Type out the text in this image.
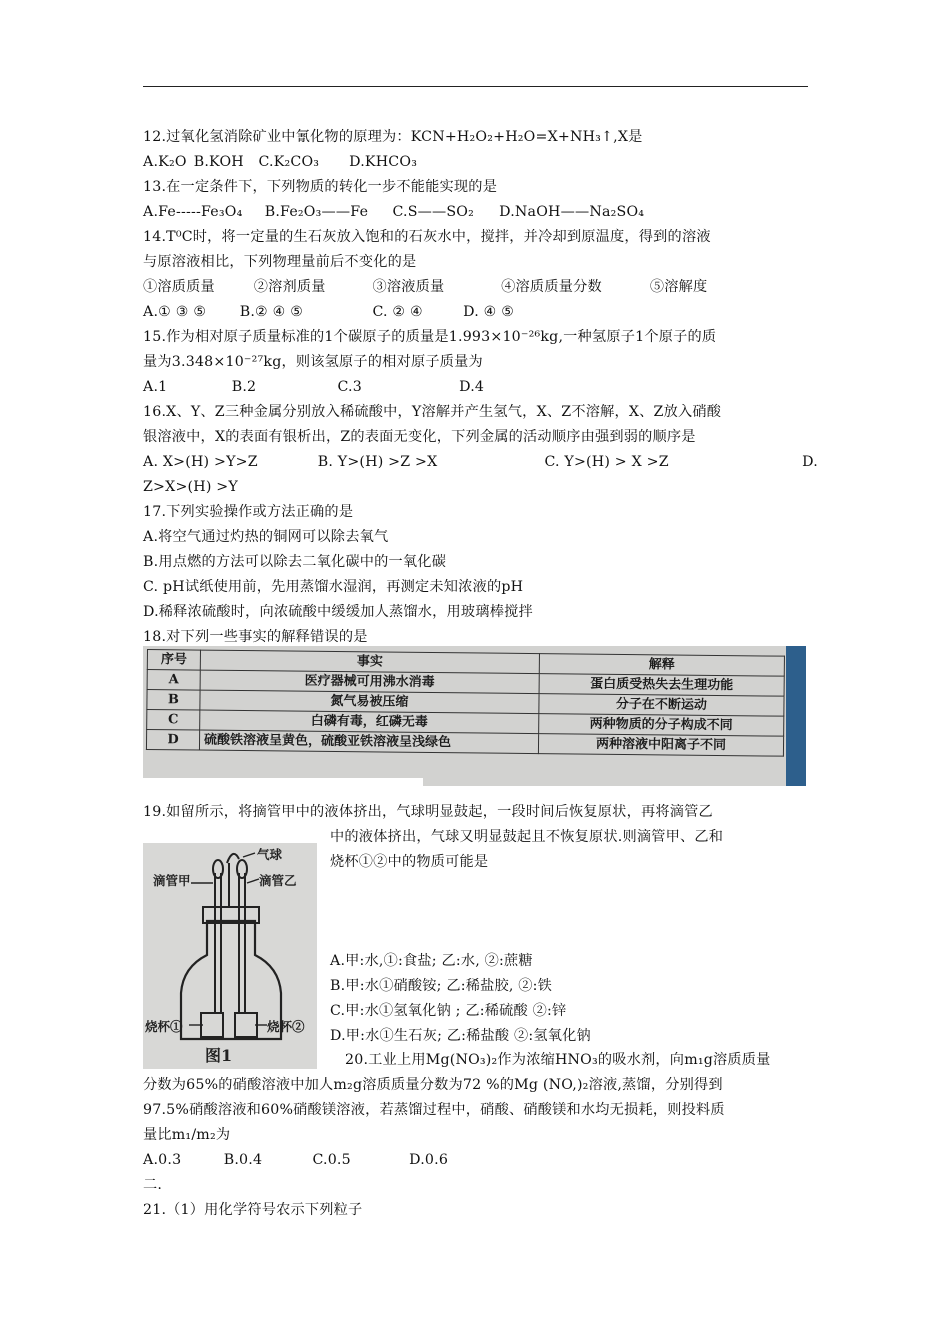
12.过氧化氢消除矿业中氰化物的原理为：KCN+H₂O₂+H₂O=X+NH₃↑,X是
A.K₂O B.KOH C.K₂CO₃ D.KHCO₃
13.在一定条件下，下列物质的转化一步不能能实现的是
A.Fe-----Fe₃O₄ B.Fe₂O₃——Fe C.S——SO₂ D.NaOH——Na₂SO₄
14.T⁰C时，将一定量的生石灰放入饱和的石灰水中，搅拌，并冷却到原温度，得到的溶液
与原溶液相比，下列物理量前后不变化的是
①溶质质量	②溶剂质量	③溶液质量	④溶质质量分数	⑤溶解度
A.① ③ ⑤ B.② ④ ⑤	C. ② ④	D. ④ ⑤
15.作为相对原子质量标准的1个碳原子的质量是1.993×10⁻²⁶kg,一种氢原子1个原子的质
量为3.348×10⁻²⁷kg，则该氢原子的相对原子质量为
A.1	B.2	C.3	D.4
16.X、Y、Z三种金属分别放入稀硫酸中，Y溶解并产生氢气，X、Z不溶解，X、Z放入硝酸
银溶液中，X的表面有银析出，Z的表面无变化，下列金属的活动顺序由强到弱的顺序是
A. X>(H) >Y>Z	B. Y>(H) >Z >X	C. Y>(H) > X >Z	D.
Z>X>(H) >Y
17.下列实验操作或方法正确的是
A.将空气通过灼热的铜网可以除去氧气
B.用点燃的方法可以除去二氧化碳中的一氧化碳
C. pH试纸使用前，先用蒸馏水湿润，再测定未知浓液的pH
D.稀释浓硫酸时，向浓硫酸中缓缓加人蒸馏水，用玻璃棒搅拌
18.对下列一些事实的解释错误的是
序号	事实	解释
A	医疗器械可用沸水消毒	蛋白质受热失去生理功能
B	氮气易被压缩	分子在不断运动
C	白磷有毒，红磷无毒	两种物质的分子构成不同
D	硫酸铁溶液呈黄色，硫酸亚铁溶液呈浅绿色	两种溶液中阳离子不同
19.如留所示，将摘管甲中的液体挤出，气球明显鼓起，一段时间后恢复原状，再将滴管乙
中的液体挤出，气球又明显鼓起且不恢复原状.则滴管甲、乙和
烧杯①②中的物质可能是
滴管甲
气球
滴管乙
烧杯①	烧杯②
图1
A.甲:水,①:食盐; 乙:水, ②:蔗糖
B.甲:水①硝酸铵; 乙:稀盐胶, ②:铁
C.甲:水①氢氧化钠 ; 乙:稀硫酸 ②:锌
D.甲:水①生石灰; 乙:稀盐酸 ②:氢氧化钠
20.工业上用Mg(NO₃)₂作为浓缩HNO₃的吸水剂，向m₁g溶质质量
分数为65%的硝酸溶液中加人m₂g溶质质量分数为72 %的Mg (NO,)₂溶液,蒸馏，分别得到
97.5%硝酸溶液和60%硝酸镁溶液，若蒸馏过程中，硝酸、硝酸镁和水均无损耗，则投料质
量比m₁/m₂为
A.0.3	B.0.4	C.0.5	D.0.6
二.
21.（1）用化学符号农示下列粒子
